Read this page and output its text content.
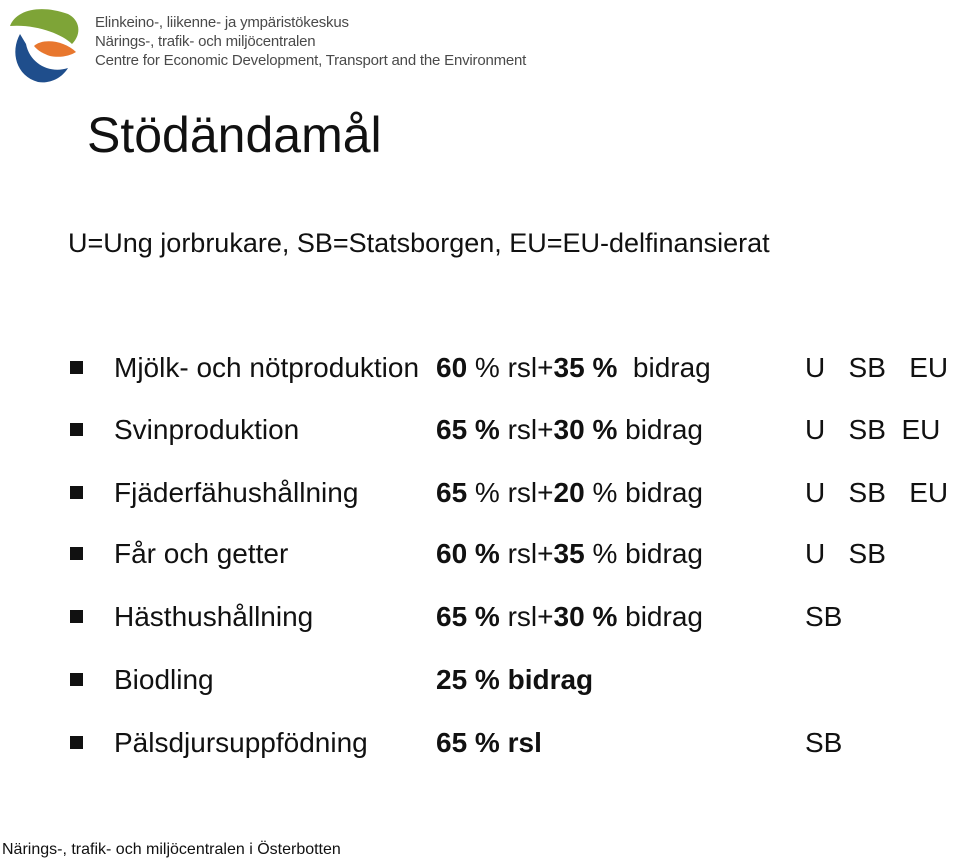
Elinkeino-, liikenne- ja ympäristökeskus
Närings-, trafik- och miljöcentralen
Centre for Economic Development, Transport and the Environment
Stödändamål
U=Ung jorbrukare, SB=Statsborgen, EU=EU-delfinansierat
Mjölk- och nötproduktion 60 % rsl+35 %  bidrag	U   SB   EU
Svinproduktion	65 % rsl+30 % bidrag	U   SB  EU
Fjäderfähushållning	65 % rsl+20 % bidrag	U   SB   EU
Får och getter	60 % rsl+35 % bidrag	U   SB
Hästhushållning	65 % rsl+30 % bidrag	SB
Biodling	25 % bidrag
Pälsdjursuppfödning 65 % rsl	SB
Närings-, trafik- och miljöcentralen i Österbotten
